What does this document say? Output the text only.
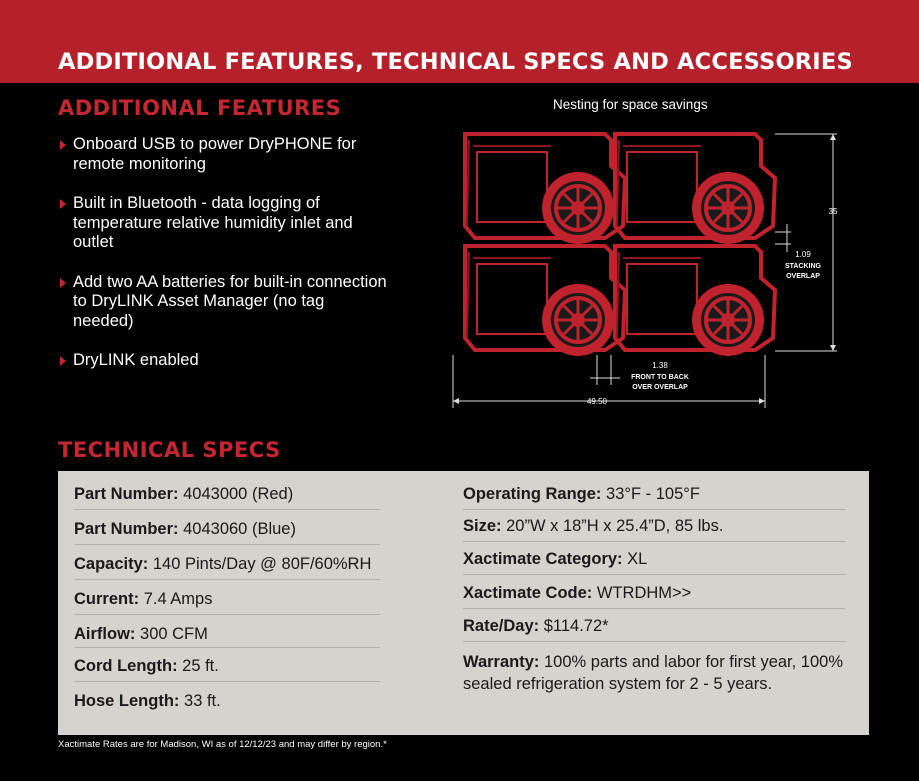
ADDITIONAL FEATURES, TECHNICAL SPECS AND ACCESSORIES
ADDITIONAL FEATURES
Onboard USB to power DryPHONE for remote monitoring
Built in Bluetooth - data logging of temperature relative humidity inlet and outlet
Add two AA batteries for built-in connection to DryLINK Asset Manager (no tag needed)
DryLINK enabled
Nesting for space savings
35
1.09
STACKING
OVERLAP
1.38
FRONT TO BACK
OVER OVERLAP
49.50
TECHNICAL SPECS
Part Number: 4043000 (Red)
Part Number: 4043060 (Blue)
Capacity: 140 Pints/Day @ 80F/60%RH
Current: 7.4 Amps
Airflow: 300 CFM
Cord Length: 25 ft.
Hose Length: 33 ft.
Operating Range: 33°F - 105°F
Size: 20”W x 18”H x 25.4”D, 85 lbs.
Xactimate Category: XL
Xactimate Code: WTRDHM>>
Rate/Day: $114.72*
Warranty: 100% parts and labor for first year, 100% sealed refrigeration system for 2 - 5 years.
Xactimate Rates are for Madison, WI as of 12/12/23 and may differ by region.*
